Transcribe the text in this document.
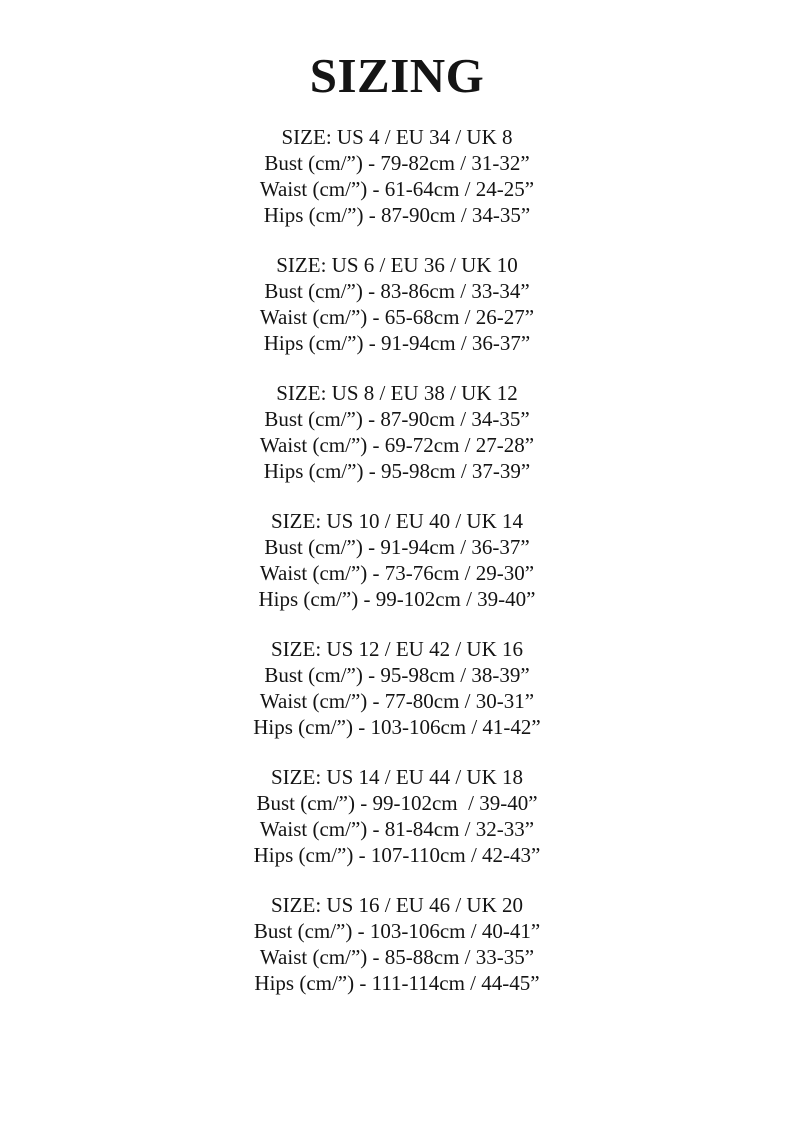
SIZING
SIZE: US 4 / EU 34 / UK 8
Bust (cm/”) - 79-82cm / 31-32”
Waist (cm/”) - 61-64cm / 24-25”
Hips (cm/”) - 87-90cm / 34-35”
SIZE: US 6 / EU 36 / UK 10
Bust (cm/”) - 83-86cm / 33-34”
Waist (cm/”) - 65-68cm / 26-27”
Hips (cm/”) - 91-94cm / 36-37”
SIZE: US 8 / EU 38 / UK 12
Bust (cm/”) - 87-90cm / 34-35”
Waist (cm/”) - 69-72cm / 27-28”
Hips (cm/”) - 95-98cm / 37-39”
SIZE: US 10 / EU 40 / UK 14
Bust (cm/”) - 91-94cm / 36-37”
Waist (cm/”) - 73-76cm / 29-30”
Hips (cm/”) - 99-102cm / 39-40”
SIZE: US 12 / EU 42 / UK 16
Bust (cm/”) - 95-98cm / 38-39”
Waist (cm/”) - 77-80cm / 30-31”
Hips (cm/”) - 103-106cm / 41-42”
SIZE: US 14 / EU 44 / UK 18
Bust (cm/”) - 99-102cm  / 39-40”
Waist (cm/”) - 81-84cm / 32-33”
Hips (cm/”) - 107-110cm / 42-43”
SIZE: US 16 / EU 46 / UK 20
Bust (cm/”) - 103-106cm / 40-41”
Waist (cm/”) - 85-88cm / 33-35”
Hips (cm/”) - 111-114cm / 44-45”
